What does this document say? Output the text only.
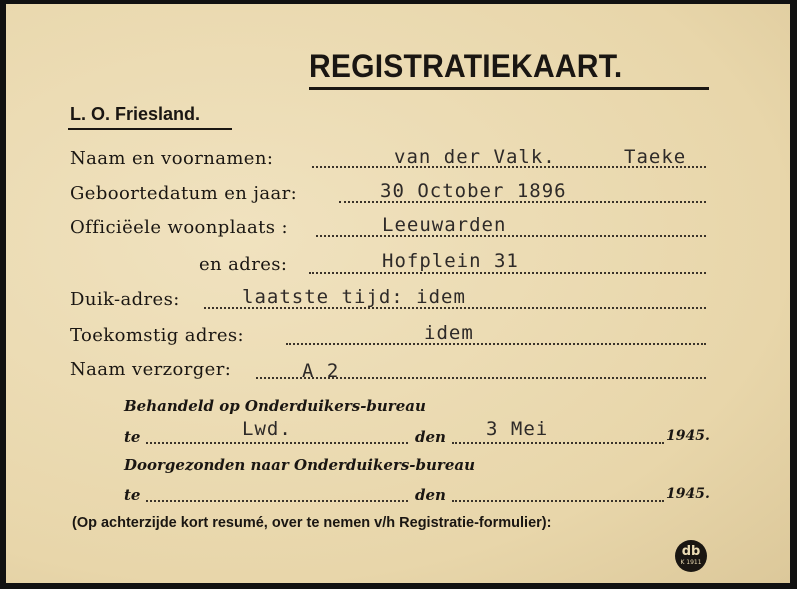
REGISTRATIEKAART.
L. O. Friesland.
Naam en voornamen:	van der Valk.	Taeke
Geboortedatum en jaar:	30 October 1896
Officiëele woonplaats :	Leeuwarden
en adres:	Hofplein 31
Duik-adres:	laatste tijd: idem
Toekomstig adres:	idem
Naam verzorger:	A 2
Behandeld op Onderduikers-bureau
te	Lwd.	den 3 Mei	1945.
Doorgezonden naar Onderduikers-bureau
te	den	1945.
(Op achterzijde kort resumé, over te nemen v/h Registratie-formulier):
db
K 1911
